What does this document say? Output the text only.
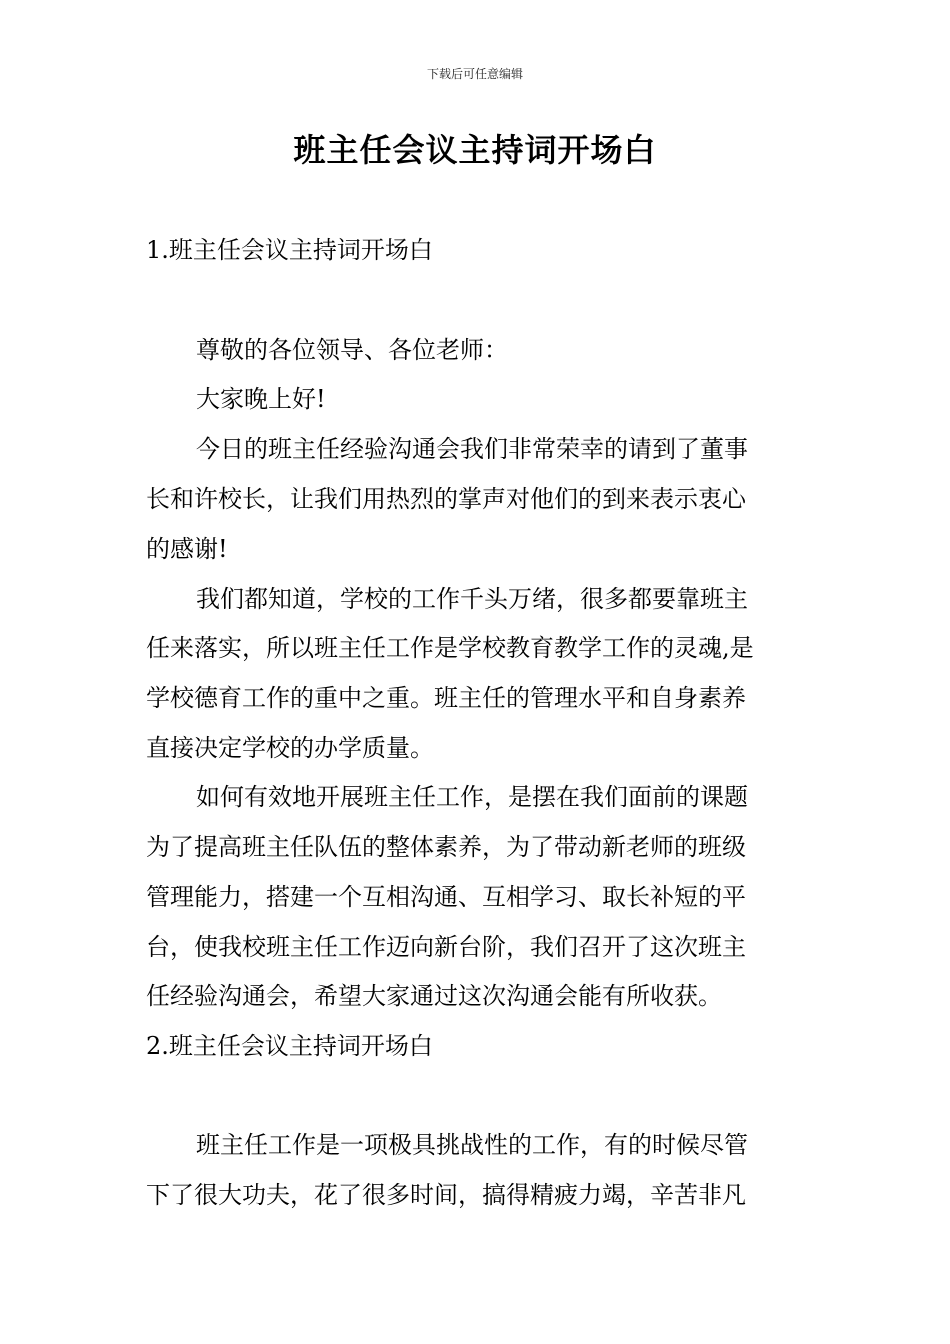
下载后可任意编辑
班主任会议主持词开场白

1.班主任会议主持词开场白

尊敬的各位领导、各位老师：

大家晚上好!

今日的班主任经验沟通会我们非常荣幸的请到了董事

长和许校长，让我们用热烈的掌声对他们的到来表示衷心

的感谢!

我们都知道，学校的工作千头万绪，很多都要靠班主

任来落实，所以班主任工作是学校教育教学工作的灵魂,是

学校德育工作的重中之重。班主任的管理水平和自身素养

直接决定学校的办学质量。

如何有效地开展班主任工作，是摆在我们面前的课题

为了提高班主任队伍的整体素养，为了带动新老师的班级

管理能力，搭建一个互相沟通、互相学习、取长补短的平

台，使我校班主任工作迈向新台阶，我们召开了这次班主

任经验沟通会，希望大家通过这次沟通会能有所收获。

2.班主任会议主持词开场白

班主任工作是一项极具挑战性的工作，有的时候尽管

下了很大功夫，花了很多时间，搞得精疲力竭，辛苦非凡
